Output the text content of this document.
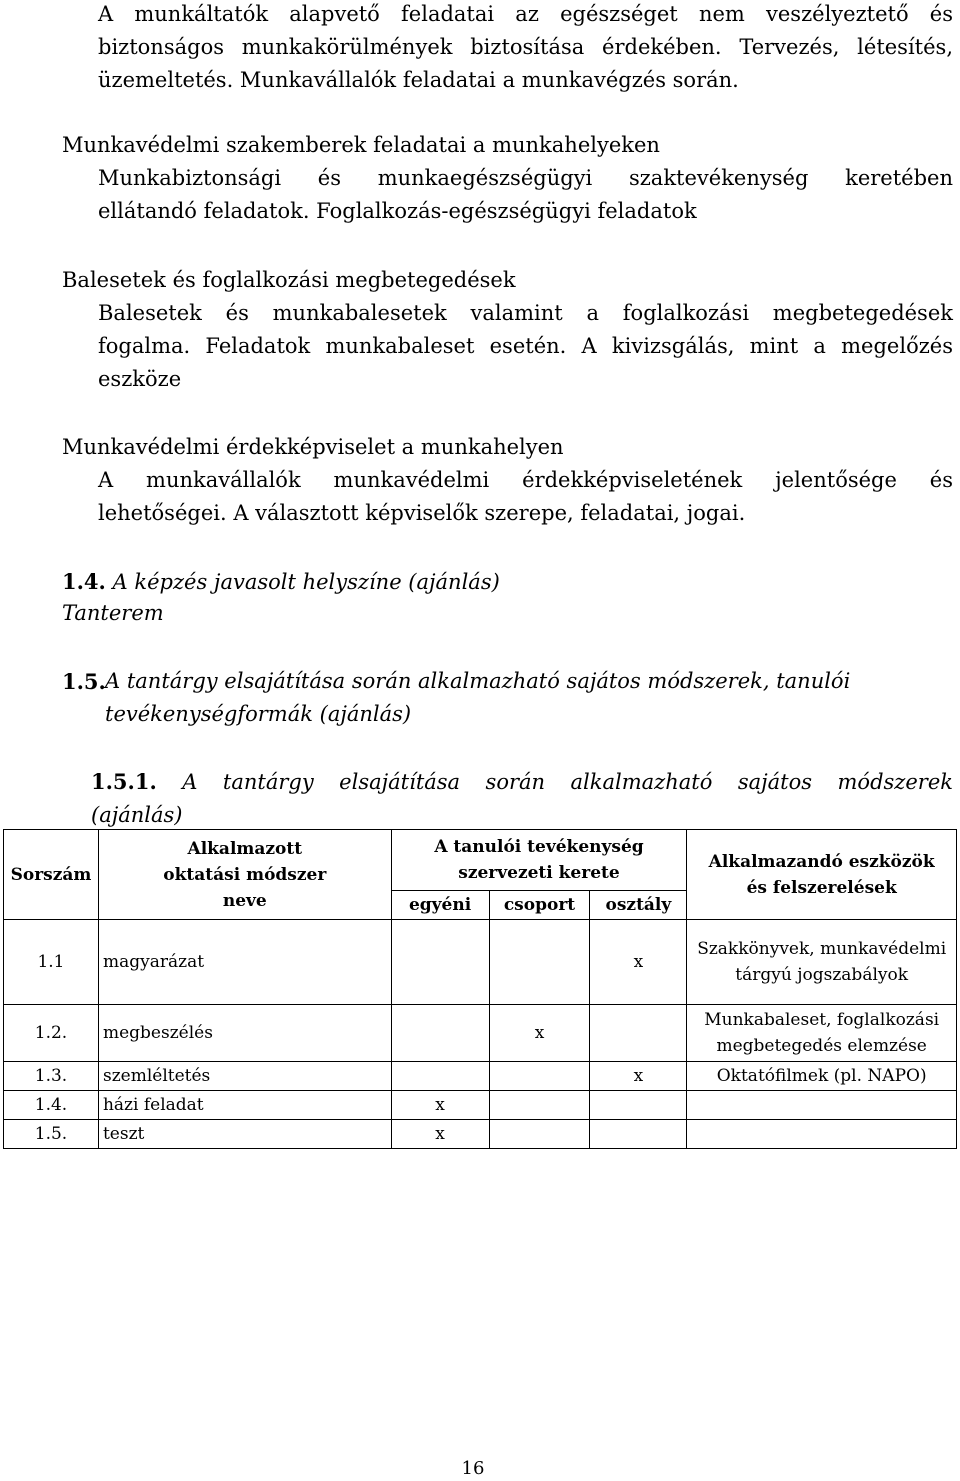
A munkáltatók alapvető feladatai az egészséget nem veszélyeztető és
biztonságos munkakörülmények biztosítása érdekében. Tervezés, létesítés,
üzemeltetés. Munkavállalók feladatai a munkavégzés során.
Munkavédelmi szakemberek feladatai a munkahelyeken
Munkabiztonsági és munkaegészségügyi szaktevékenység keretében
ellátandó feladatok. Foglalkozás-egészségügyi feladatok
Balesetek és foglalkozási megbetegedések
Balesetek és munkabalesetek valamint a foglalkozási megbetegedések
fogalma. Feladatok munkabaleset esetén. A kivizsgálás, mint a megelőzés
eszköze
Munkavédelmi érdekképviselet a munkahelyen
A munkavállalók munkavédelmi érdekképviseletének jelentősége és
lehetőségei. A választott képviselők szerepe, feladatai, jogai.
1.4. A képzés javasolt helyszíne (ajánlás)
Tanterem
1.5. A tantárgy elsajátítása során alkalmazható sajátos módszerek, tanulói
tevékenységformák (ajánlás)
1.5.1. A tantárgy elsajátítása során alkalmazható sajátos módszerek
(ajánlás)
Sorszám	Alkalmazott oktatási módszer neve	A tanulói tevékenység szervezeti kerete			Alkalmazandó eszközök és felszerelések
		egyéni	csoport	osztály	
1.1	magyarázat			x	Szakkönyvek, munkavédelmi tárgyú jogszabályok
1.2.	megbeszélés		x		Munkabaleset, foglalkozási megbetegedés elemzése
1.3.	szemléltetés			x	Oktatófilmek (pl. NAPO)
1.4.	házi feladat	x			
1.5.	teszt	x			
16
